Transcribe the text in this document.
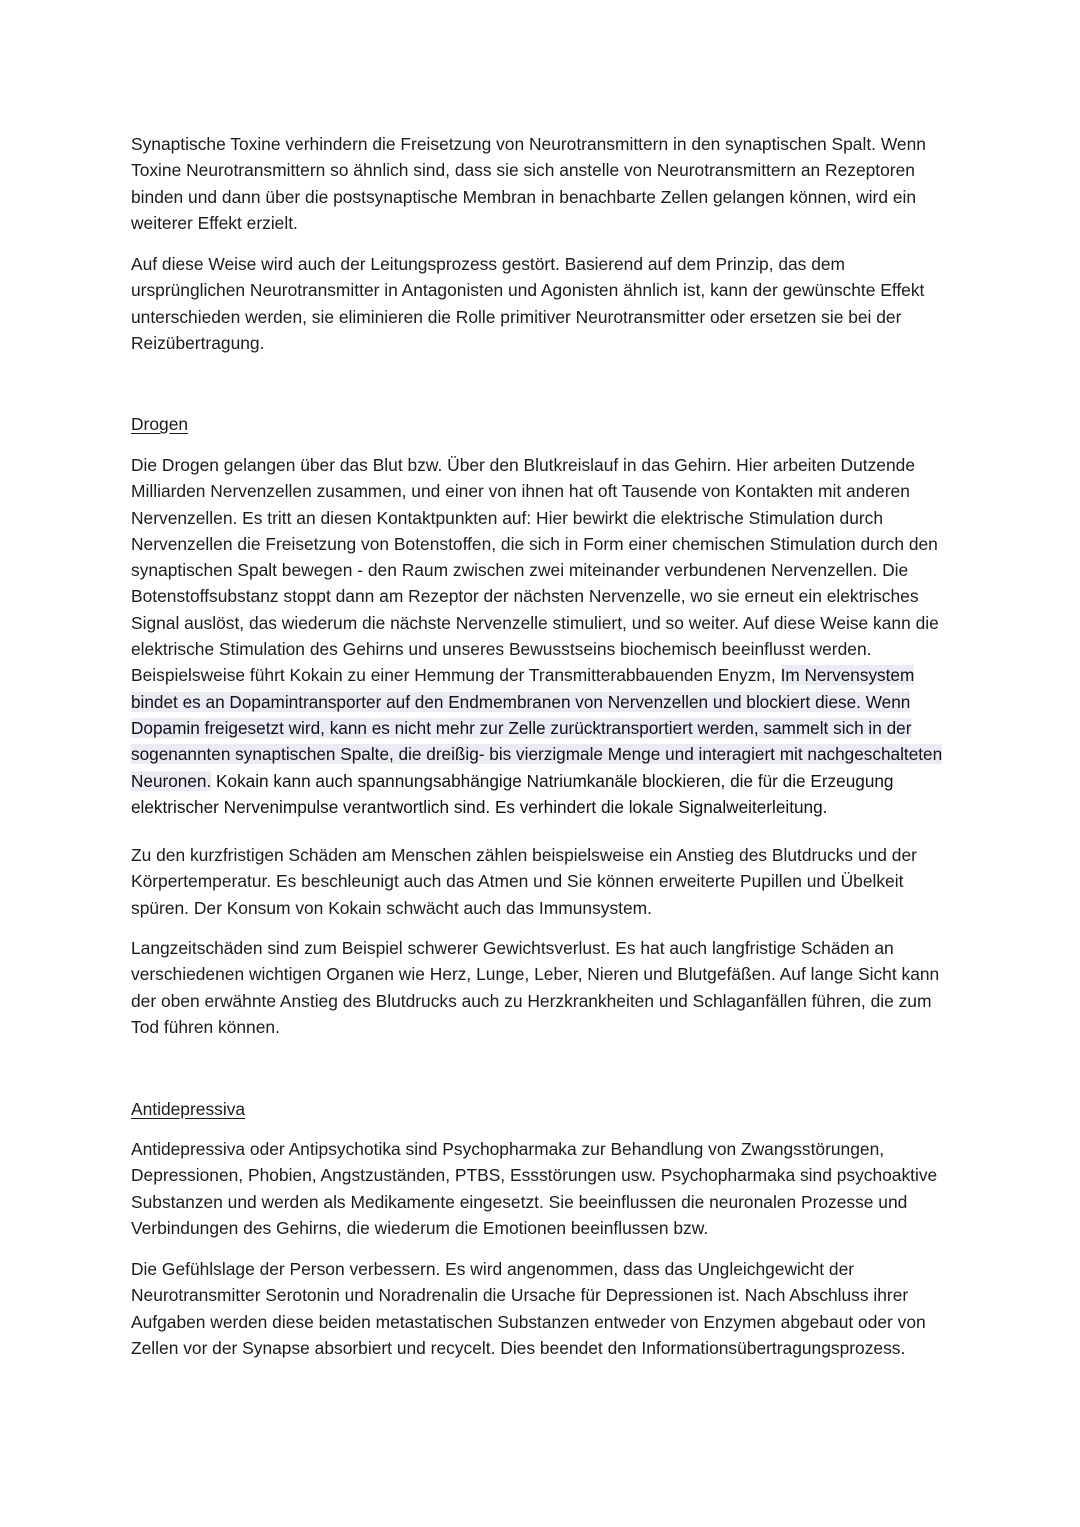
Synaptische Toxine verhindern die Freisetzung von Neurotransmittern in den synaptischen Spalt. Wenn Toxine Neurotransmittern so ähnlich sind, dass sie sich anstelle von Neurotransmittern an Rezeptoren binden und dann über die postsynaptische Membran in benachbarte Zellen gelangen können, wird ein weiterer Effekt erzielt.

Auf diese Weise wird auch der Leitungsprozess gestört. Basierend auf dem Prinzip, das dem ursprünglichen Neurotransmitter in Antagonisten und Agonisten ähnlich ist, kann der gewünschte Effekt unterschieden werden, sie eliminieren die Rolle primitiver Neurotransmitter oder ersetzen sie bei der Reizübertragung.

Drogen

Die Drogen gelangen über das Blut bzw. Über den Blutkreislauf in das Gehirn. Hier arbeiten Dutzende Milliarden Nervenzellen zusammen, und einer von ihnen hat oft Tausende von Kontakten mit anderen Nervenzellen. Es tritt an diesen Kontaktpunkten auf: Hier bewirkt die elektrische Stimulation durch Nervenzellen die Freisetzung von Botenstoffen, die sich in Form einer chemischen Stimulation durch den synaptischen Spalt bewegen - den Raum zwischen zwei miteinander verbundenen Nervenzellen. Die Botenstoffsubstanz stoppt dann am Rezeptor der nächsten Nervenzelle, wo sie erneut ein elektrisches Signal auslöst, das wiederum die nächste Nervenzelle stimuliert, und so weiter. Auf diese Weise kann die elektrische Stimulation des Gehirns und unseres Bewusstseins biochemisch beeinflusst werden. Beispielsweise führt Kokain zu einer Hemmung der Transmitterabbauenden Enyzm, Im Nervensystem bindet es an Dopamintransporter auf den Endmembranen von Nervenzellen und blockiert diese. Wenn Dopamin freigesetzt wird, kann es nicht mehr zur Zelle zurücktransportiert werden, sammelt sich in der sogenannten synaptischen Spalte, die dreißig- bis vierzigmale Menge und interagiert mit nachgeschalteten Neuronen. Kokain kann auch spannungsabhängige Natriumkanäle blockieren, die für die Erzeugung elektrischer Nervenimpulse verantwortlich sind. Es verhindert die lokale Signalweiterleitung.

Zu den kurzfristigen Schäden am Menschen zählen beispielsweise ein Anstieg des Blutdrucks und der Körpertemperatur. Es beschleunigt auch das Atmen und Sie können erweiterte Pupillen und Übelkeit spüren. Der Konsum von Kokain schwächt auch das Immunsystem.

Langzeitschäden sind zum Beispiel schwerer Gewichtsverlust. Es hat auch langfristige Schäden an verschiedenen wichtigen Organen wie Herz, Lunge, Leber, Nieren und Blutgefäßen. Auf lange Sicht kann der oben erwähnte Anstieg des Blutdrucks auch zu Herzkrankheiten und Schlaganfällen führen, die zum Tod führen können.

Antidepressiva

Antidepressiva oder Antipsychotika sind Psychopharmaka zur Behandlung von Zwangsstörungen, Depressionen, Phobien, Angstzuständen, PTBS, Essstörungen usw. Psychopharmaka sind psychoaktive Substanzen und werden als Medikamente eingesetzt. Sie beeinflussen die neuronalen Prozesse und Verbindungen des Gehirns, die wiederum die Emotionen beeinflussen bzw.

Die Gefühlslage der Person verbessern. Es wird angenommen, dass das Ungleichgewicht der Neurotransmitter Serotonin und Noradrenalin die Ursache für Depressionen ist. Nach Abschluss ihrer Aufgaben werden diese beiden metastatischen Substanzen entweder von Enzymen abgebaut oder von Zellen vor der Synapse absorbiert und recycelt. Dies beendet den Informationsübertragungsprozess.
